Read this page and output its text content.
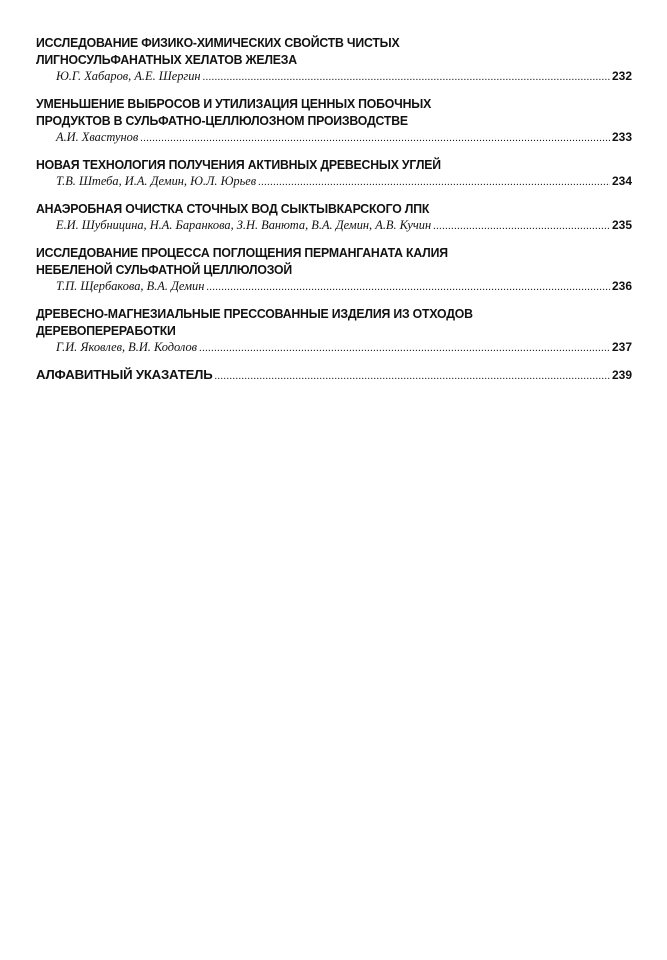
ИССЛЕДОВАНИЕ ФИЗИКО-ХИМИЧЕСКИХ СВОЙСТВ ЧИСТЫХ
ЛИГНОСУЛЬФАНАТНЫХ ХЕЛАТОВ ЖЕЛЕЗА
Ю.Г. Хабаров, А.Е. Шергин .....	232
УМЕНЬШЕНИЕ ВЫБРОСОВ И УТИЛИЗАЦИЯ ЦЕННЫХ ПОБОЧНЫХ
ПРОДУКТОВ В СУЛЬФАТНО-ЦЕЛЛЮЛОЗНОМ ПРОИЗВОДСТВЕ
А.И. Хвастунов .....	233
НОВАЯ ТЕХНОЛОГИЯ ПОЛУЧЕНИЯ АКТИВНЫХ ДРЕВЕСНЫХ УГЛЕЙ
Т.В. Штеба, И.А. Демин, Ю.Л. Юрьев .....	234
АНАЭРОБНАЯ ОЧИСТКА СТОЧНЫХ ВОД СЫКТЫВКАРСКОГО ЛПК
Е.И. Шубницина, Н.А. Баранкова, З.Н. Ванюта, В.А. Демин, А.В. Кучин .....	235
ИССЛЕДОВАНИЕ ПРОЦЕССА ПОГЛОЩЕНИЯ ПЕРМАНГАНАТА КАЛИЯ
НЕБЕЛЕНОЙ СУЛЬФАТНОЙ ЦЕЛЛЮЛОЗОЙ
Т.П. Щербакова, В.А. Демин .....	236
ДРЕВЕСНО-МАГНЕЗИАЛЬНЫЕ ПРЕССОВАННЫЕ ИЗДЕЛИЯ ИЗ ОТХОДОВ
ДЕРЕВОПЕРЕРАБОТКИ
Г.И. Яковлев, В.И. Кодолов .....	237
АЛФАВИТНЫЙ УКАЗАТЕЛЬ .....	239
